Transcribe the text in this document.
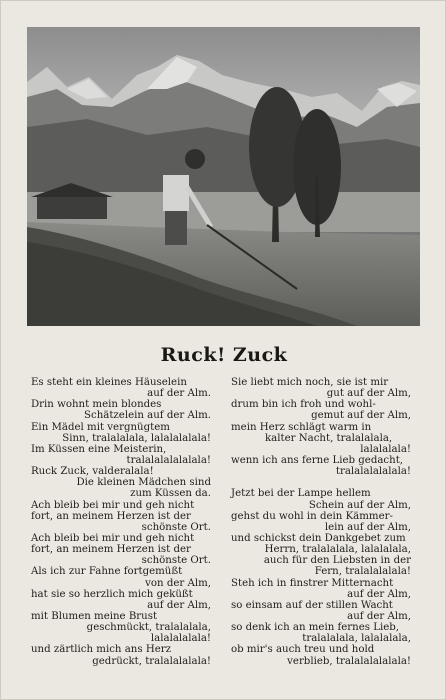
Ruck! Zuck
Es steht ein kleines Häuselein
auf der Alm.
Drin wohnt mein blondes
Schätzelein auf der Alm.
Ein Mädel mit vergnügtem
Sinn, tralalalala, lalalalalala!
Im Küssen eine Meisterin,
tralalalalalalala!
Ruck Zuck, valderalala!
Die kleinen Mädchen sind
zum Küssen da.
Ach bleib bei mir und geh nicht
fort, an meinem Herzen ist der
schönste Ort.
Ach bleib bei mir und geh nicht
fort, an meinem Herzen ist der
schönste Ort.
Als ich zur Fahne fortgemüßt
von der Alm,
hat sie so herzlich mich geküßt
auf der Alm,
mit Blumen meine Brust
geschmückt, tralalalala,
lalalalalala!
und zärtlich mich ans Herz
gedrückt, tralalalalala!
Sie liebt mich noch, sie ist mir
gut auf der Alm,
drum bin ich froh und wohl-
gemut auf der Alm,
mein Herz schlägt warm in
kalter Nacht, tralalalala,
lalalalala!
wenn ich ans ferne Lieb gedacht,
tralalalalalala!
Jetzt bei der Lampe hellem
Schein auf der Alm,
gehst du wohl in dein Kämmer-
lein auf der Alm,
und schickst dein Dankgebet zum
Herrn, tralalalala, lalalalala,
auch für den Liebsten in der
Fern, tralalalalala!
Steh ich in finstrer Mitternacht
auf der Alm,
so einsam auf der stillen Wacht
auf der Alm,
so denk ich an mein fernes Lieb,
tralalalala, lalalalala,
ob mir's auch treu und hold
verblieb, tralalalalalala!
